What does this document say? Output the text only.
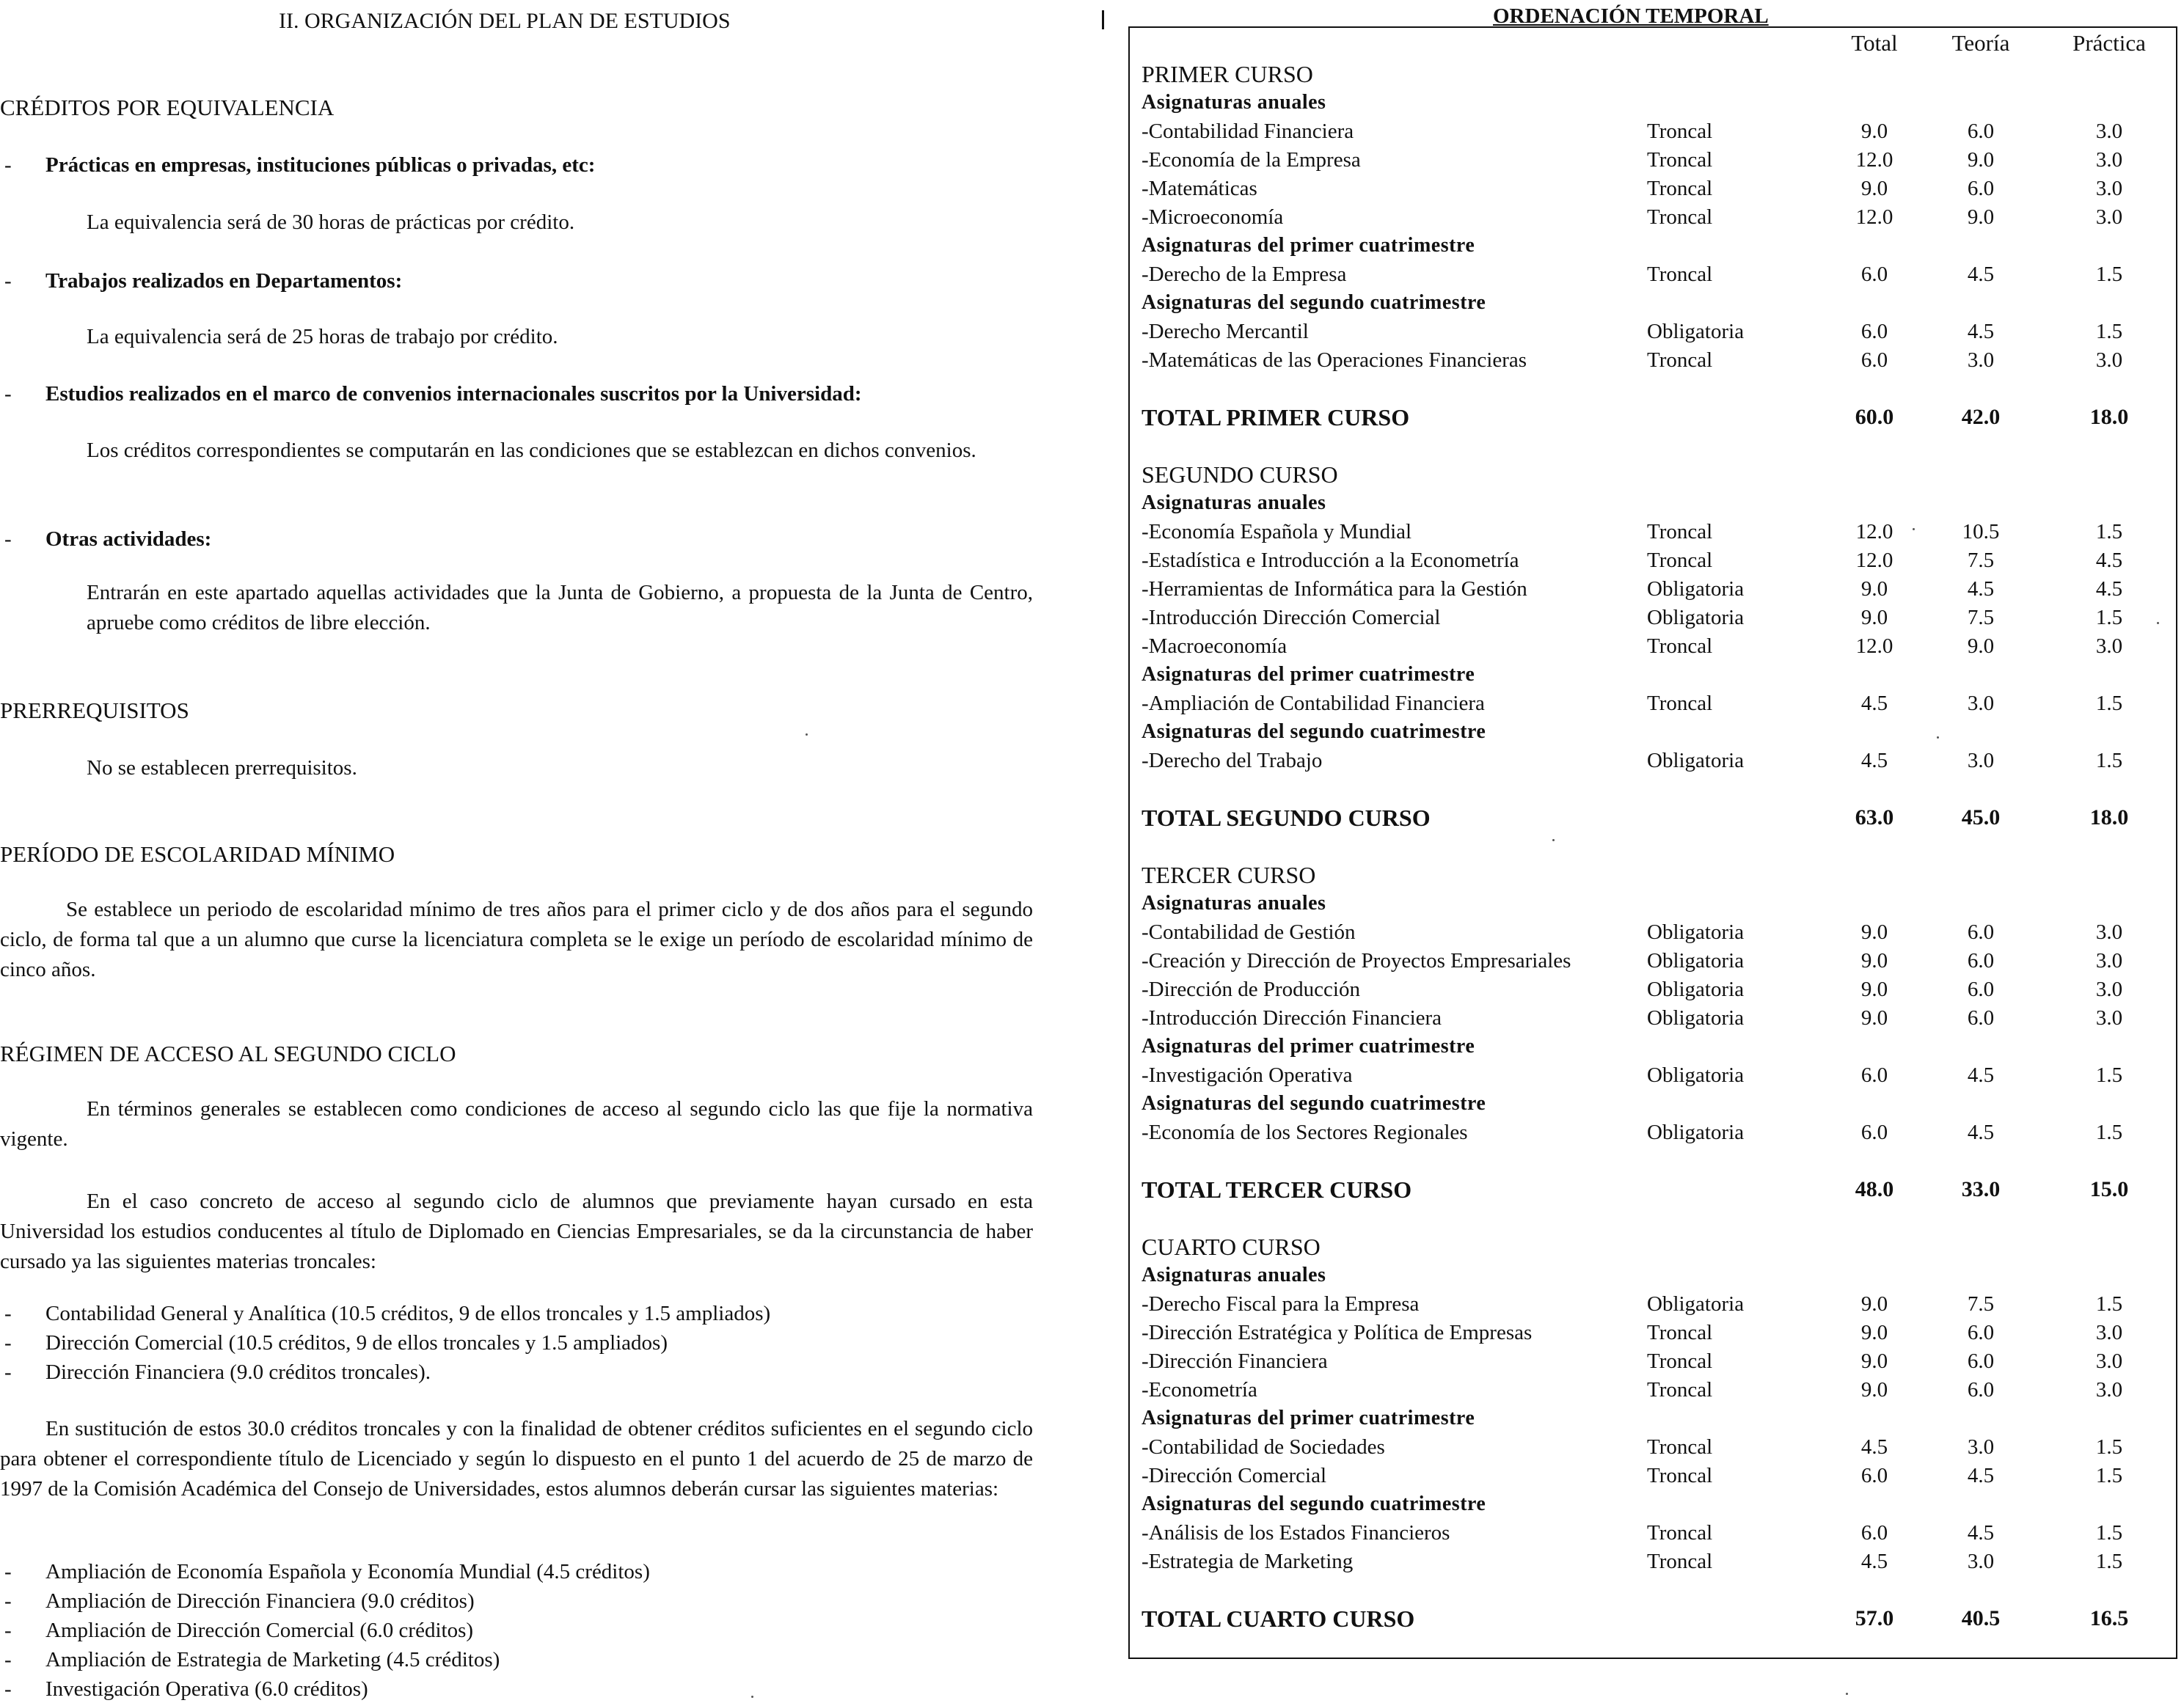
II. ORGANIZACIÓN DEL PLAN DE ESTUDIOS
CRÉDITOS POR EQUIVALENCIA
- Prácticas en empresas, instituciones públicas o privadas, etc:
La equivalencia será de 30 horas de prácticas por crédito.
- Trabajos realizados en Departamentos:
La equivalencia será de 25 horas de trabajo por crédito.
- Estudios realizados en el marco de convenios internacionales suscritos por la Universidad:
Los créditos correspondientes se computarán en las condiciones que se establezcan en dichos convenios.
- Otras actividades:
Entrarán en este apartado aquellas actividades que la Junta de Gobierno, a propuesta de la Junta de Centro, apruebe como créditos de libre elección.
PRERREQUISITOS
No se establecen prerrequisitos.
PERÍODO DE ESCOLARIDAD MÍNIMO
Se establece un periodo de escolaridad mínimo de tres años para el primer ciclo y de dos años para el segundo ciclo, de forma tal que a un alumno que curse la licenciatura completa se le exige un período de escolaridad mínimo de cinco años.
RÉGIMEN DE ACCESO AL SEGUNDO CICLO
En términos generales se establecen como condiciones de acceso al segundo ciclo las que fije la normativa vigente.
En el caso concreto de acceso al segundo ciclo de alumnos que previamente hayan cursado en esta Universidad los estudios conducentes al título de Diplomado en Ciencias Empresariales, se da la circunstancia de haber cursado ya las siguientes materias troncales:
- Contabilidad General y Analítica (10.5 créditos, 9 de ellos troncales y 1.5 ampliados)
- Dirección Comercial (10.5 créditos, 9 de ellos troncales y 1.5 ampliados)
- Dirección Financiera (9.0 créditos troncales).
En sustitución de estos 30.0 créditos troncales y con la finalidad de obtener créditos suficientes en el segundo ciclo para obtener el correspondiente título de Licenciado y según lo dispuesto en el punto 1 del acuerdo de 25 de marzo de 1997 de la Comisión Académica del Consejo de Universidades, estos alumnos deberán cursar las siguientes materias:
- Ampliación de Economía Española y Economía Mundial (4.5 créditos)
- Ampliación de Dirección Financiera (9.0 créditos)
- Ampliación de Dirección Comercial (6.0 créditos)
- Ampliación de Estrategia de Marketing (4.5 créditos)
- Investigación Operativa (6.0 créditos)
ORDENACIÓN TEMPORAL
Total	Teoría	Práctica
PRIMER CURSO
Asignaturas anuales
-Contabilidad Financiera	Troncal	9.0	6.0	3.0
-Economía de la Empresa	Troncal	12.0	9.0	3.0
-Matemáticas	Troncal	9.0	6.0	3.0
-Microeconomía	Troncal	12.0	9.0	3.0
Asignaturas del primer cuatrimestre
-Derecho de la Empresa	Troncal	6.0	4.5	1.5
Asignaturas del segundo cuatrimestre
-Derecho Mercantil	Obligatoria	6.0	4.5	1.5
-Matemáticas de las Operaciones Financieras	Troncal	6.0	3.0	3.0
TOTAL PRIMER CURSO	60.0	42.0	18.0
SEGUNDO CURSO
Asignaturas anuales
-Economía Española y Mundial	Troncal	12.0	10.5	1.5
-Estadística e Introducción a la Econometría	Troncal	12.0	7.5	4.5
-Herramientas de Informática para la Gestión	Obligatoria	9.0	4.5	4.5
-Introducción Dirección Comercial	Obligatoria	9.0	7.5	1.5
-Macroeconomía	Troncal	12.0	9.0	3.0
Asignaturas del primer cuatrimestre
-Ampliación de Contabilidad Financiera	Troncal	4.5	3.0	1.5
Asignaturas del segundo cuatrimestre
-Derecho del Trabajo	Obligatoria	4.5	3.0	1.5
TOTAL SEGUNDO CURSO	63.0	45.0	18.0
TERCER CURSO
Asignaturas anuales
-Contabilidad de Gestión	Obligatoria	9.0	6.0	3.0
-Creación y Dirección de Proyectos Empresariales	Obligatoria	9.0	6.0	3.0
-Dirección de Producción	Obligatoria	9.0	6.0	3.0
-Introducción Dirección Financiera	Obligatoria	9.0	6.0	3.0
Asignaturas del primer cuatrimestre
-Investigación Operativa	Obligatoria	6.0	4.5	1.5
Asignaturas del segundo cuatrimestre
-Economía de los Sectores Regionales	Obligatoria	6.0	4.5	1.5
TOTAL TERCER CURSO	48.0	33.0	15.0
CUARTO CURSO
Asignaturas anuales
-Derecho Fiscal para la Empresa	Obligatoria	9.0	7.5	1.5
-Dirección Estratégica y Política de Empresas	Troncal	9.0	6.0	3.0
-Dirección Financiera	Troncal	9.0	6.0	3.0
-Econometría	Troncal	9.0	6.0	3.0
Asignaturas del primer cuatrimestre
-Contabilidad de Sociedades	Troncal	4.5	3.0	1.5
-Dirección Comercial	Troncal	6.0	4.5	1.5
Asignaturas del segundo cuatrimestre
-Análisis de los Estados Financieros	Troncal	6.0	4.5	1.5
-Estrategia de Marketing	Troncal	4.5	3.0	1.5
TOTAL CUARTO CURSO	57.0	40.5	16.5
